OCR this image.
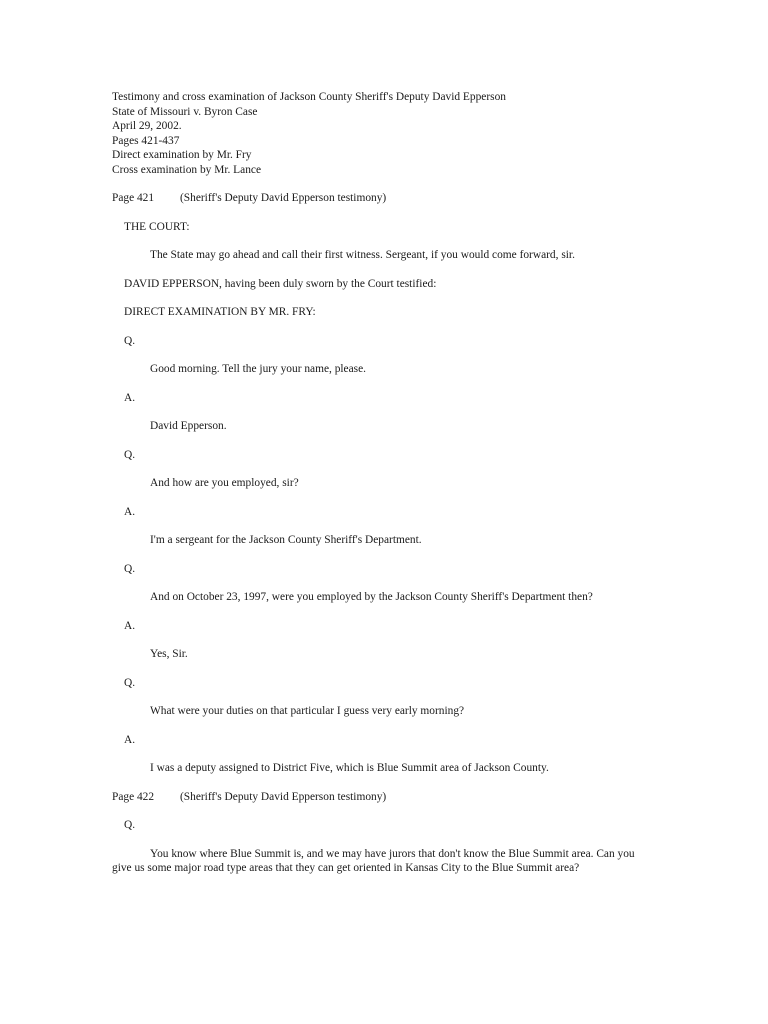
Testimony and cross examination of Jackson County Sheriff's Deputy David Epperson
State of Missouri v. Byron Case
April 29, 2002.
Pages 421-437
Direct examination by Mr. Fry
Cross examination by Mr. Lance
Page 421	(Sheriff's Deputy David Epperson testimony)
THE COURT:
The State may go ahead and call their first witness. Sergeant, if you would come forward, sir.
DAVID EPPERSON, having been duly sworn by the Court testified:
DIRECT EXAMINATION BY MR. FRY:
Q.
Good morning. Tell the jury your name, please.
A.
David Epperson.
Q.
And how are you employed, sir?
A.
I'm a sergeant for the Jackson County Sheriff's Department.
Q.
And on October 23, 1997, were you employed by the Jackson County Sheriff's Department then?
A.
Yes, Sir.
Q.
What were your duties on that particular I guess very early morning?
A.
I was a deputy assigned to District Five, which is Blue Summit area of Jackson County.
Page 422	(Sheriff's Deputy David Epperson testimony)
Q.
You know where Blue Summit is, and we may have jurors that don't know the Blue Summit area. Can you give us some major road type areas that they can get oriented in Kansas City to the Blue Summit area?
